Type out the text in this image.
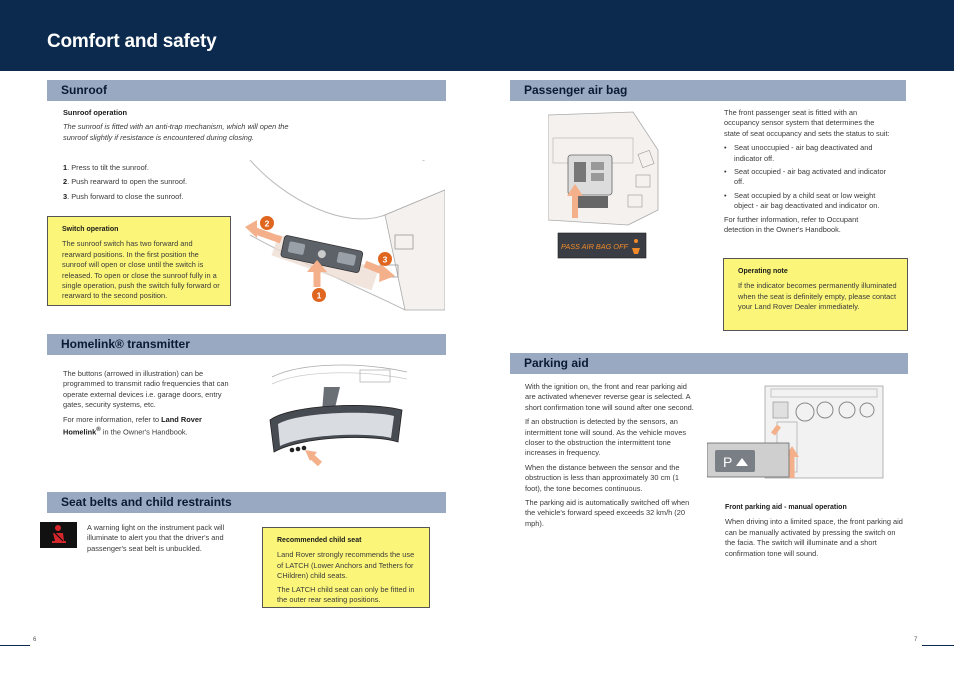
Comfort and safety
Sunroof

Sunroof operation

The sunroof is fitted with an anti-trap mechanism, which will open the sunroof slightly if resistance is encountered during closing.

1. Press to tilt the sunroof.

2. Push rearward to open the sunroof.

3. Push forward to close the sunroof.

Switch operation

The sunroof switch has two forward and rearward positions. In the first position the sunroof will open or close until the switch is released. To open or close the sunroof fully in a single operation, push the switch fully forward or rearward to the second position.

2
3
1
Homelink® transmitter

The buttons (arrowed in illustration) can be programmed to transmit radio frequencies that can operate external devices i.e. garage doors, entry gates, security systems, etc.

For more information, refer to Land Rover Homelink® in the Owner's Handbook.

Seat belts and child restraints

A warning light on the instrument pack will illuminate to alert you that the driver's and passenger's seat belt is unbuckled.

Recommended child seat

Land Rover strongly recommends the use of LATCH (Lower Anchors and Tethers for CHildren) child seats.

The LATCH child seat can only be fitted in the outer rear seating positions.

Passenger air bag
PASS AIR BAG OFF

The front passenger seat is fitted with an occupancy sensor system that determines the state of seat occupancy and sets the status to suit:

• Seat unoccupied - air bag deactivated and indicator off.
• Seat occupied - air bag activated and indicator off.
• Seat occupied by a child seat or low weight object - air bag deactivated and indicator on.

For further information, refer to Occupant detection in the Owner's Handbook.

Operating note

If the indicator becomes permanently illuminated when the seat is definitely empty, please contact your Land Rover Dealer immediately.

Parking aid

With the ignition on, the front and rear parking aid are activated whenever reverse gear is selected. A short confirmation tone will sound after one second.

If an obstruction is detected by the sensors, an intermittent tone will sound. As the vehicle moves closer to the obstruction the intermittent tone increases in frequency.

When the distance between the sensor and the obstruction is less than approximately 30 cm (1 foot), the tone becomes continuous.

The parking aid is automatically switched off when the vehicle's forward speed exceeds 32 km/h (20 mph).

P

Front parking aid - manual operation

When driving into a limited space, the front parking aid can be manually activated by pressing the switch on the facia. The switch will illuminate and a short confirmation tone will sound.

6	7
